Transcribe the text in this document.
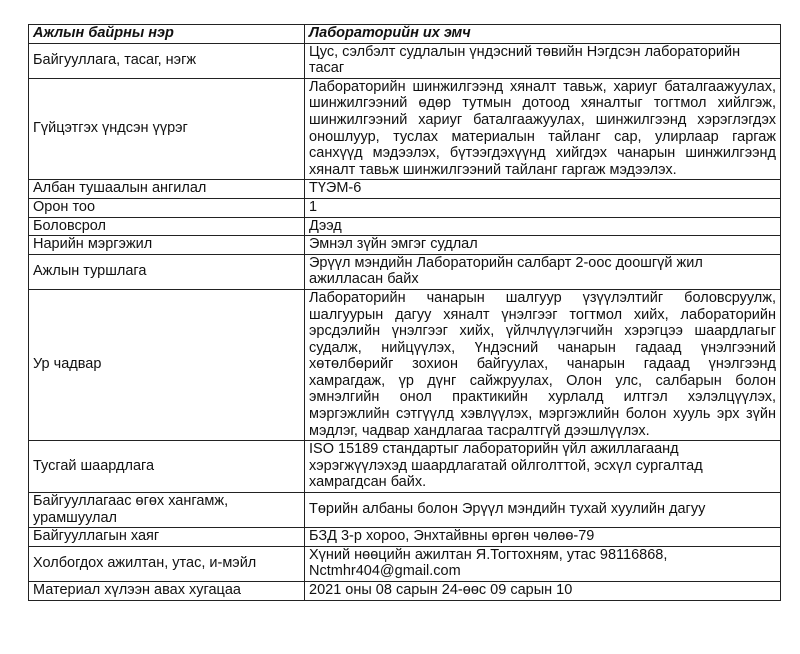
Ажлын байрны нэр	Лабораторийн их эмч
Байгууллага, тасаг, нэгж	Цус, сэлбэлт судлалын үндэсний төвийн Нэгдсэн лабораторийн тасаг
Гүйцэтгэх үндсэн үүрэг	Лабораторийн шинжилгээнд хяналт тавьж, хариуг баталгаажуулах, шинжилгээний өдөр тутмын дотоод хяналтыг тогтмол хийлгэж, шинжилгээний хариуг баталгаажуулах, шинжилгээнд хэрэглэгдэх оношлуур, туслах материалын тайланг сар, улирлаар гаргаж санхүүд мэдээлэх, бүтээгдэхүүнд хийгдэх чанарын шинжилгээнд хяналт тавьж шинжилгээний тайланг гаргаж мэдээлэх.
Албан тушаалын ангилал	ТҮЭМ-6
Орон тоо	1
Боловсрол	Дээд
Нарийн мэргэжил	Эмнэл зүйн эмгэг судлал
Ажлын туршлага	Эрүүл мэндийн Лабораторийн салбарт 2-оос доошгүй жил ажилласан байх
Ур чадвар	Лабораторийн чанарын шалгуур үзүүлэлтийг боловсруулж, шалгуурын дагуу хяналт үнэлгээг тогтмол хийх, лабораторийн эрсдэлийн үнэлгээг хийх, үйлчлүүлэгчийн хэрэгцээ шаардлагыг судалж, нийцүүлэх, Үндэсний чанарын гадаад үнэлгээний хөтөлбөрийг зохион байгуулах, чанарын гадаад үнэлгээнд хамрагдаж, үр дүнг сайжруулах, Олон улс, салбарын болон эмнэлгийн онол практикийн хурлалд илтгэл хэлэлцүүлэх, мэргэжлийн сэтгүүлд хэвлүүлэх, мэргэжлийн болон хууль эрх зүйн мэдлэг, чадвар хандлагаа тасралтгүй дээшлүүлэх.
Тусгай шаардлага	ISO 15189 стандартыг лабораторийн үйл ажиллагаанд хэрэгжүүлэхэд шаардлагатай ойлголттой, эсхүл сургалтад хамрагдсан байх.
Байгууллагаас өгөх хангамж, урамшуулал	Төрийн албаны болон Эрүүл мэндийн тухай хуулийн дагуу
Байгууллагын хаяг	БЗД 3-р хороо, Энхтайвны өргөн чөлөө-79
Холбогдох ажилтан, утас, и-мэйл	Хүний нөөцийн ажилтан Я.Тогтохням, утас 98116868,
Nctmhr404@gmail.com

Материал хүлээн авах хугацаа	2021 оны 08 сарын 24-өөс 09 сарын 10
